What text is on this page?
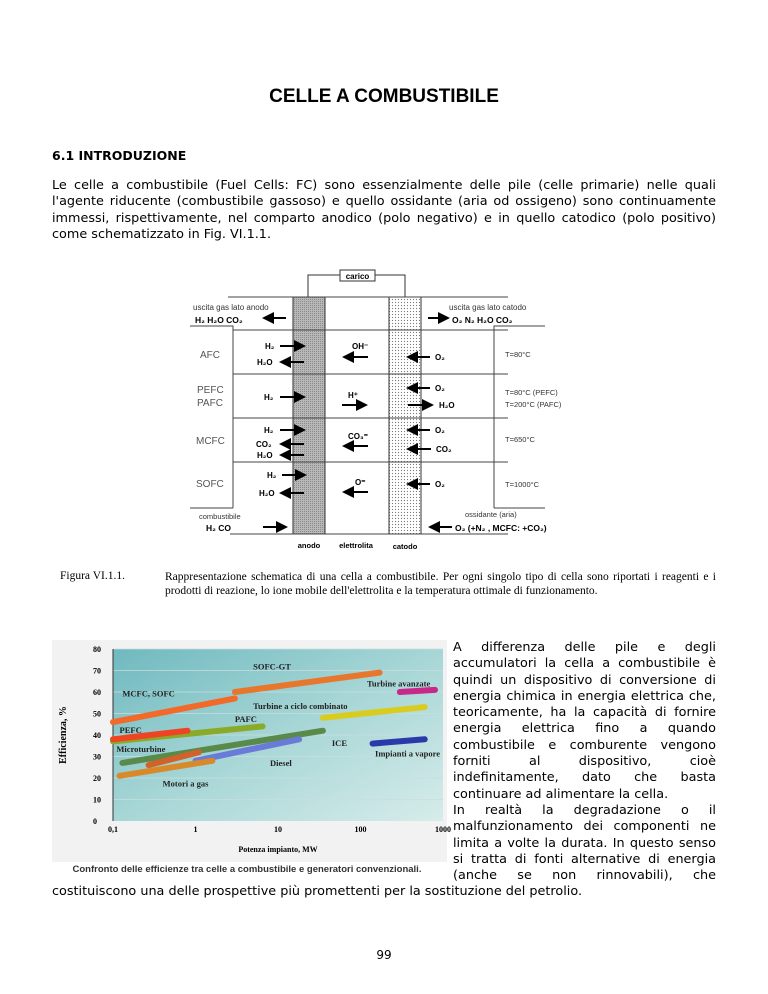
CELLE A COMBUSTIBILE
6.1 INTRODUZIONE
Le celle a combustibile (Fuel Cells: FC) sono essenzialmente delle pile (celle primarie) nelle quali l'agente riducente (combustibile gassoso) e quello ossidante (aria od ossigeno) sono continuamente immessi, rispettivamente, nel comparto anodico (polo negativo) e in quello catodico (polo positivo) come schematizzato in Fig. VI.1.1.
carico
uscita gas lato anodo
H₂ H₂O CO₂
uscita gas lato catodo
O₂ N₂ H₂O CO₂
AFC
H₂
H₂O
OH⁻
O₂	T=80°C
PEFC
PAFC
H₂	H⁺
O₂
H₂O
T=80°C (PEFC)
T=200°C (PAFC)
MCFC
H₂
CO₂
H₂O
CO₃⁼
O₂
CO₂
T=650°C
SOFC
H₂
H₂O
O⁼	O₂	T=1000°C
combustibile
H₂ CO
ossidante (aria)
O₂ (+N₂ , MCFC: +CO₂)
anodo	elettrolita	catodo
Figura VI.1.1.	Rappresentazione schematica di una cella a combustibile. Per ogni singolo tipo di cella sono riportati i reagenti e i prodotti di reazione, lo ione mobile dell'elettrolita e la temperatura ottimale di funzionamento.
0
10
20
30
40
50
60
70
80
0,1	1	10	100	1000
Potenza impianto, MW
Efficienza, %
MCFC, SOFC
SOFC-GT
Turbine avanzate
Turbine a ciclo combinato
PAFC
PEFC
ICE
Diesel
Impianti a vapore
Microturbine
Motori a gas
Confronto delle efficienze tra celle a combustibile e generatori convenzionali.
A differenza delle pile e degli accumulatori la cella a combustibile è quindi un dispositivo di conversione di energia chimica in energia elettrica che, teoricamente, ha la capacità di fornire energia elettrica fino a quando combustibile e comburente vengono forniti al dispositivo, cioè indefinitamente, dato che basta continuare ad alimentare la cella.
In realtà la degradazione o il malfunzionamento dei componenti ne limita a volte la durata. In questo senso si tratta di fonti alternative di energia (anche se non rinnovabili), che costituiscono una delle prospettive più promettenti per la sostituzione del petrolio.
99
